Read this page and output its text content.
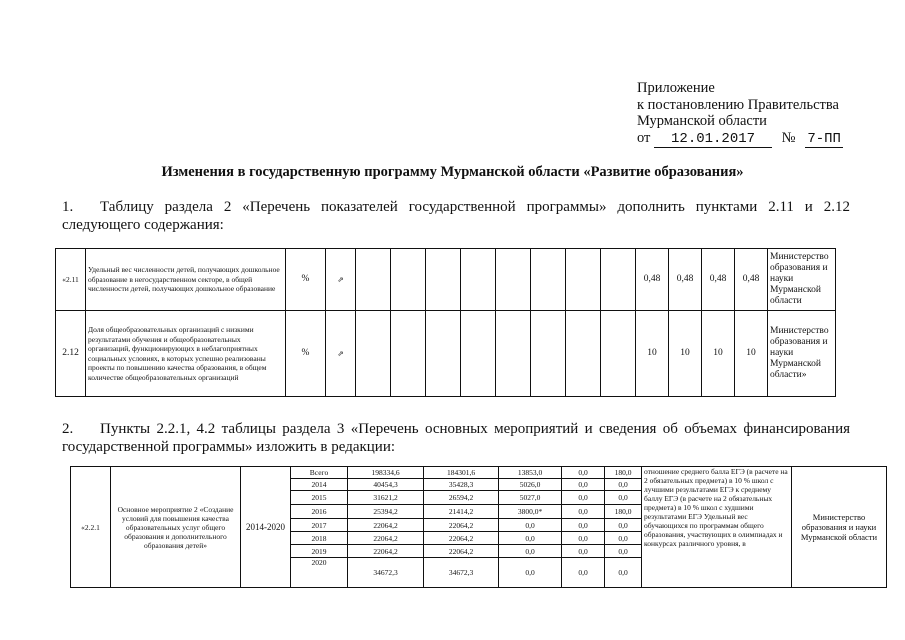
Приложение
к постановлению Правительства
Мурманской области
от 12.01.2017 № 7-ПП
Изменения в государственную программу Мурманской области «Развитие образования»
1. Таблицу раздела 2 «Перечень показателей государственной программы» дополнить пунктами 2.11 и 2.12 следующего содержания:
«2.11	Удельный вес численности детей, получающих дошкольное образование в негосударственном секторе, в общей численности детей, получающих дошкольное образование	%	⇗									0,48	0,48	0,48	0,48	Министерство образования и науки Мурманской области
2.12	Доля общеобразовательных организаций с низкими результатами обучения и общеобразовательных организаций, функционирующих в неблагоприятных социальных условиях, в которых успешно реализованы проекты по повышению качества образования, в общем количестве общеобразовательных организаций	%	⇗									10	10	10	10	Министерство образования и науки Мурманской области»
2. Пункты 2.2.1, 4.2 таблицы раздела 3 «Перечень основных мероприятий и сведения об объемах финансирования государственной программы» изложить в редакции:
«2.2.1	Основное мероприятие 2 «Создание условий для повышения качества образовательных услуг общего образования и дополнительного образования детей»	2014-2020	Всего	198334,6	184301,6	13853,0	0,0	180,0	отношение среднего балла ЕГЭ (в расчете на 2 обязательных предмета) в 10 % школ с лучшими результатами ЕГЭ к среднему баллу ЕГЭ (в расчете на 2 обязательных предмета) в 10 % школ с худшими результатами ЕГЭ Удельный вес обучающихся по программам общего образования, участвующих в олимпиадах и конкурсах различного уровня, в	Министерство образования и науки Мурманской области
			2014	40454,3	35428,3	5026,0	0,0	0,0		
			2015	31621,2	26594,2	5027,0	0,0	0,0		
			2016	25394,2	21414,2	3800,0*	0,0	180,0		
			2017	22064,2	22064,2	0,0	0,0	0,0		
			2018	22064,2	22064,2	0,0	0,0	0,0		
			2019	22064,2	22064,2	0,0	0,0	0,0		
			2020	34672,3	34672,3	0,0	0,0	0,0		
